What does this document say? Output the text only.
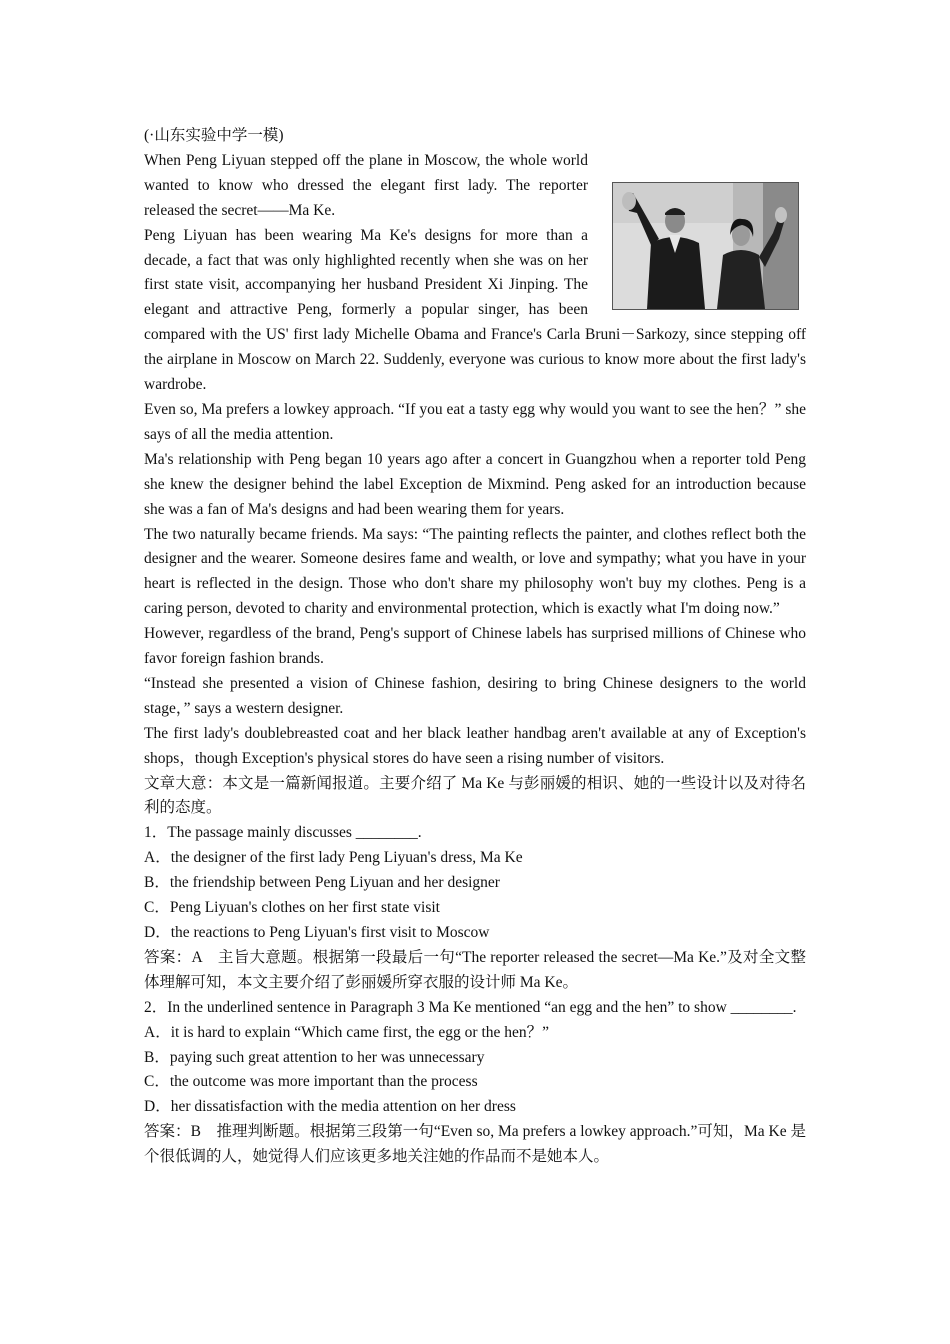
(·山东实验中学一模)

When Peng Liyuan stepped off the plane in Moscow, the whole world wanted to know who dressed the elegant first lady. The reporter released the secret——Ma Ke.

Peng Liyuan has been wearing Ma Ke's designs for more than a decade, a fact that was only highlighted recently when she was on her first state visit, accompanying her husband President Xi Jinping. The elegant and attractive Peng, formerly a popular singer, has been compared with the US' first lady Michelle Obama and France's Carla Bruni－Sarkozy, since stepping off the airplane in Moscow on March 22. Suddenly, everyone was curious to know more about the first lady's wardrobe.

Even so, Ma prefers a lowkey approach. “If you eat a tasty egg why would you want to see the hen？” she says of all the media attention.

Ma's relationship with Peng began 10 years ago after a concert in Guangzhou when a reporter told Peng she knew the designer behind the label Exception de Mixmind. Peng asked for an introduction because she was a fan of Ma's designs and had been wearing them for years.

The two naturally became friends. Ma says: “The painting reflects the painter, and clothes reflect both the designer and the wearer. Someone desires fame and wealth, or love and sympathy; what you have in your heart is reflected in the design. Those who don't share my philosophy won't buy my clothes. Peng is a caring person, devoted to charity and environmental protection, which is exactly what I'm doing now.”

However, regardless of the brand, Peng's support of Chinese labels has surprised millions of Chinese who favor foreign fashion brands.

“Instead she presented a vision of Chinese fashion, desiring to bring Chinese designers to the world stage，” says a western designer.

The first lady's doublebreasted coat and her black leather handbag aren't available at any of Exception's shops，though Exception's physical stores do have seen a rising number of visitors.

文章大意：本文是一篇新闻报道。主要介绍了 Ma Ke 与彭丽媛的相识、她的一些设计以及对待名利的态度。

1．The passage mainly discusses ________.

A．the designer of the first lady Peng Liyuan's dress, Ma Ke

B．the friendship between Peng Liyuan and her designer

C．Peng Liyuan's clothes on her first state visit

D．the reactions to Peng Liyuan's first visit to Moscow

答案：A　主旨大意题。根据第一段最后一句“The reporter released the secret—Ma Ke.”及对全文整体理解可知，本文主要介绍了彭丽媛所穿衣服的设计师 Ma Ke。

2．In the underlined sentence in Paragraph 3 Ma Ke mentioned “an egg and the hen” to show ________.

A．it is hard to explain “Which came first, the egg or the hen？”

B．paying such great attention to her was unnecessary

C．the outcome was more important than the process

D．her dissatisfaction with the media attention on her dress

答案：B　推理判断题。根据第三段第一句“Even so, Ma prefers a lowkey approach.”可知，Ma Ke 是个很低调的人，她觉得人们应该更多地关注她的作品而不是她本人。
